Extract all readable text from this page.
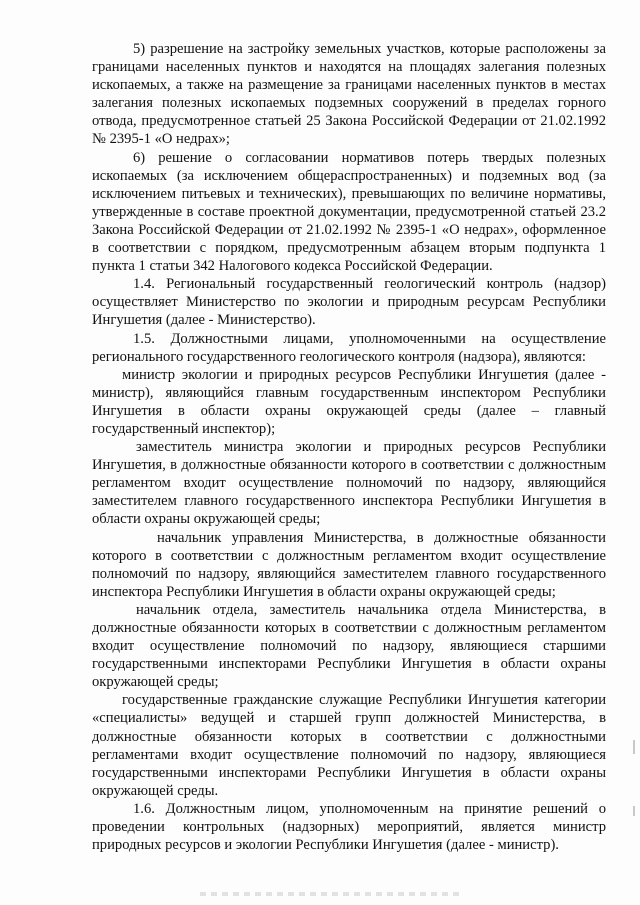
5) разрешение на застройку земельных участков, которые расположены за границами населенных пунктов и находятся на площадях залегания полезных ископаемых, а также на размещение за границами населенных пунктов в местах залегания полезных ископаемых подземных сооружений в пределах горного отвода, предусмотренное статьей 25 Закона Российской Федерации от 21.02.1992 № 2395-1 «О недрах»;

6) решение о согласовании нормативов потерь твердых полезных ископаемых (за исключением общераспространенных) и подземных вод (за исключением питьевых и технических), превышающих по величине нормативы, утвержденные в составе проектной документации, предусмотренной статьей 23.2 Закона Российской Федерации от 21.02.1992 № 2395-1 «О недрах», оформленное в соответствии с порядком, предусмотренным абзацем вторым подпункта 1 пункта 1 статьи 342 Налогового кодекса Российской Федерации.

1.4. Региональный государственный геологический контроль (надзор) осуществляет Министерство по экологии и природным ресурсам Республики Ингушетия (далее - Министерство).

1.5. Должностными лицами, уполномоченными на осуществление регионального государственного геологического контроля (надзора), являются:

министр экологии и природных ресурсов Республики Ингушетия (далее - министр), являющийся главным государственным инспектором Республики Ингушетия в области охраны окружающей среды (далее – главный государственный инспектор);

заместитель министра экологии и природных ресурсов Республики Ингушетия, в должностные обязанности которого в соответствии с должностным регламентом входит осуществление полномочий по надзору, являющийся заместителем главного государственного инспектора Республики Ингушетия в области охраны окружающей среды;

начальник управления Министерства, в должностные обязанности которого в соответствии с должностным регламентом входит осуществление полномочий по надзору, являющийся заместителем главного государственного инспектора Республики Ингушетия в области охраны окружающей среды;

начальник отдела, заместитель начальника отдела Министерства, в должностные обязанности которых в соответствии с должностным регламентом входит осуществление полномочий по надзору, являющиеся старшими государственными инспекторами Республики Ингушетия в области охраны окружающей среды;

государственные гражданские служащие Республики Ингушетия категории «специалисты» ведущей и старшей групп должностей Министерства, в должностные обязанности которых в соответствии с должностными регламентами входит осуществление полномочий по надзору, являющиеся государственными инспекторами Республики Ингушетия в области охраны окружающей среды.

1.6. Должностным лицом, уполномоченным на принятие решений о проведении контрольных (надзорных) мероприятий, является министр природных ресурсов и экологии Республики Ингушетия (далее - министр).
